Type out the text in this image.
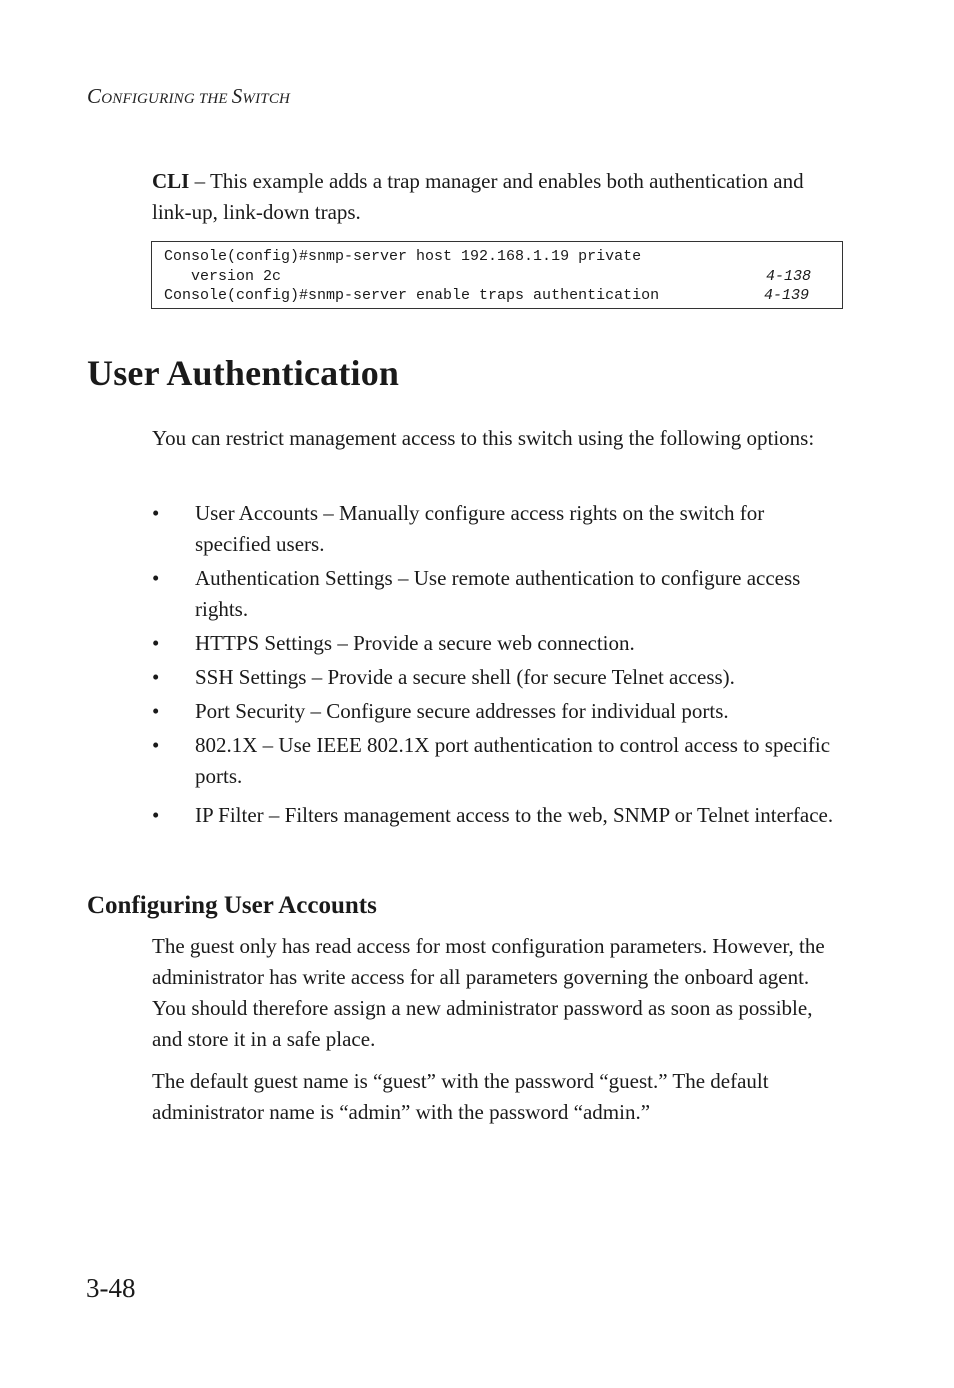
CONFIGURING THE SWITCH

CLI – This example adds a trap manager and enables both authentication and link-up, link-down traps.

Console(config)#snmp-server host 192.168.1.19 private
version 2c	4-138
Console(config)#snmp-server enable traps authentication	4-139
User Authentication

You can restrict management access to this switch using the following options:

• User Accounts – Manually configure access rights on the switch for specified users.
• Authentication Settings – Use remote authentication to configure access rights.
• HTTPS Settings – Provide a secure web connection.
• SSH Settings – Provide a secure shell (for secure Telnet access).
• Port Security – Configure secure addresses for individual ports.
• 802.1X – Use IEEE 802.1X port authentication to control access to specific ports.
• IP Filter – Filters management access to the web, SNMP or Telnet interface.
Configuring User Accounts

The guest only has read access for most configuration parameters. However, the administrator has write access for all parameters governing the onboard agent. You should therefore assign a new administrator password as soon as possible, and store it in a safe place.

The default guest name is “guest” with the password “guest.” The default administrator name is “admin” with the password “admin.”

3-48
